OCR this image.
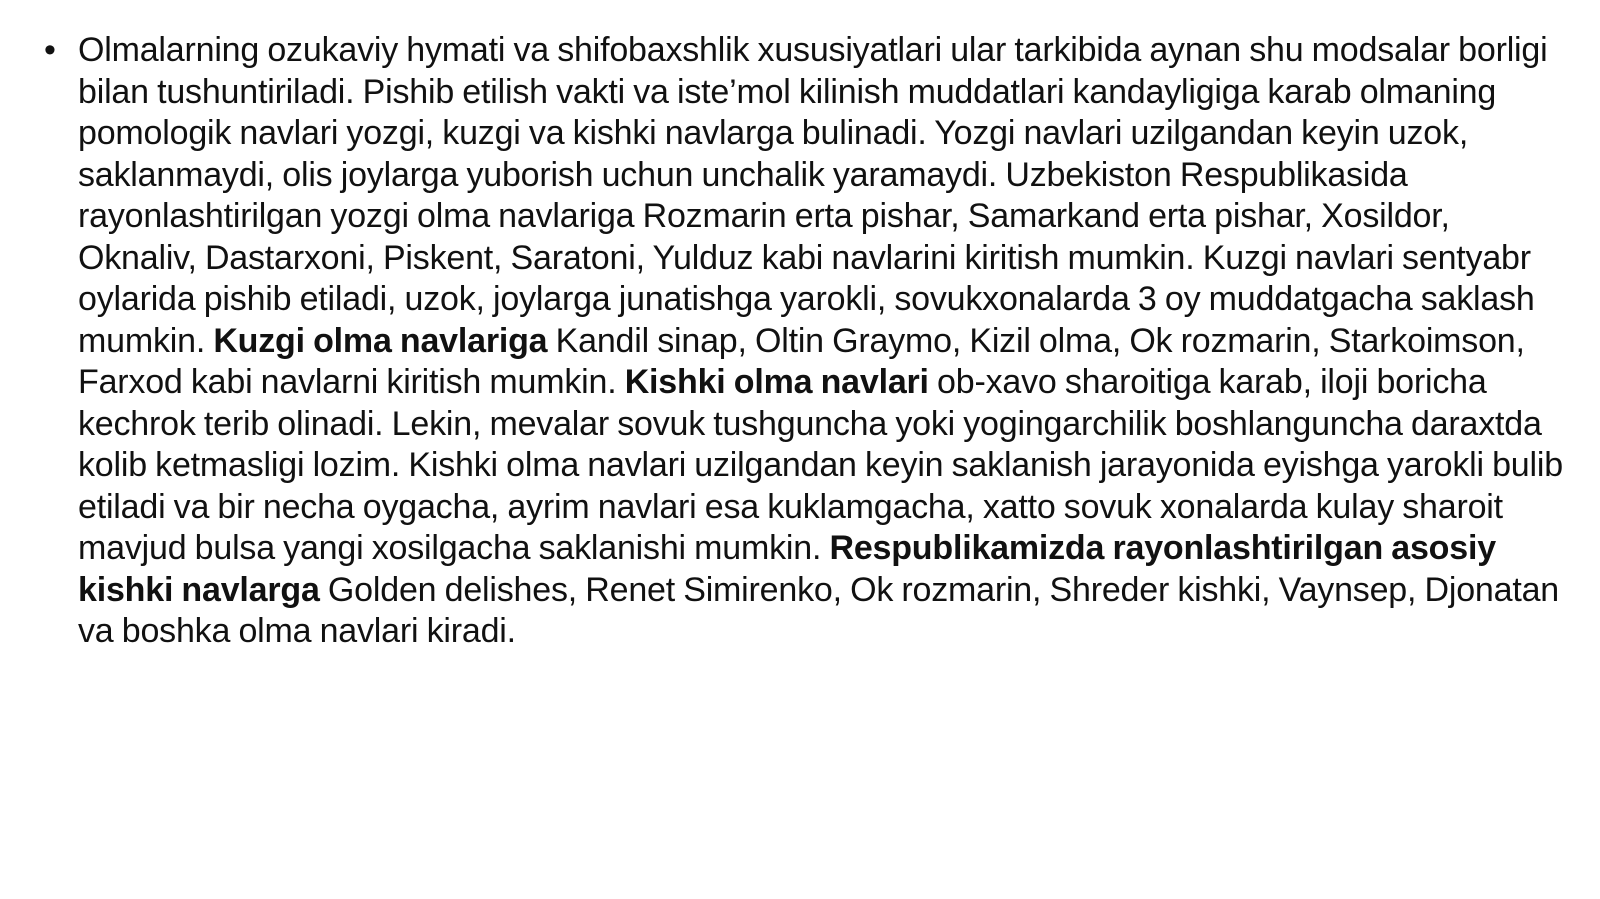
• Olmalarning ozukaviy hymati va shifobaxshlik xususiyatlari ular tarkibida aynan shu modsalar borligi bilan tushuntiriladi. Pishib etilish vakti va iste’mol kilinish muddatlari kandayligiga karab olmaning pomologik navlari yozgi, kuzgi va kishki navlarga bulinadi. Yozgi navlari uzilgandan keyin uzok, saklanmaydi, olis joylarga yuborish uchun unchalik yaramaydi. Uzbekiston Respublikasida rayonlashtirilgan yozgi olma navlariga Rozmarin erta pishar, Samarkand erta pishar, Xosildor, Oknaliv, Dastarxoni, Piskent, Saratoni, Yulduz kabi navlarini kiritish mumkin. Kuzgi navlari sentyabr oylarida pishib etiladi, uzok, joylarga junatishga yarokli, sovukxonalarda 3 oy muddatgacha saklash mumkin. Kuzgi olma navlariga Kandil sinap, Oltin Graymo, Kizil olma, Ok rozmarin, Starkoimson, Farxod kabi navlarni kiritish mumkin. Kishki olma navlari ob-xavo sharoitiga karab, iloji boricha kechrok terib olinadi. Lekin, mevalar sovuk tushguncha yoki yogingarchilik boshlanguncha daraxtda kolib ketmasligi lozim. Kishki olma navlari uzilgandan keyin saklanish jarayonida eyishga yarokli bulib etiladi va bir necha oygacha, ayrim navlari esa kuklamgacha, xatto sovuk xonalarda kulay sharoit mavjud bulsa yangi xosilgacha saklanishi mumkin. Respublikamizda rayonlashtirilgan asosiy kishki navlarga Golden delishes, Renet Simirenko, Ok rozmarin, Shreder kishki, Vaynsep, Djonatan va boshka olma navlari kiradi.
